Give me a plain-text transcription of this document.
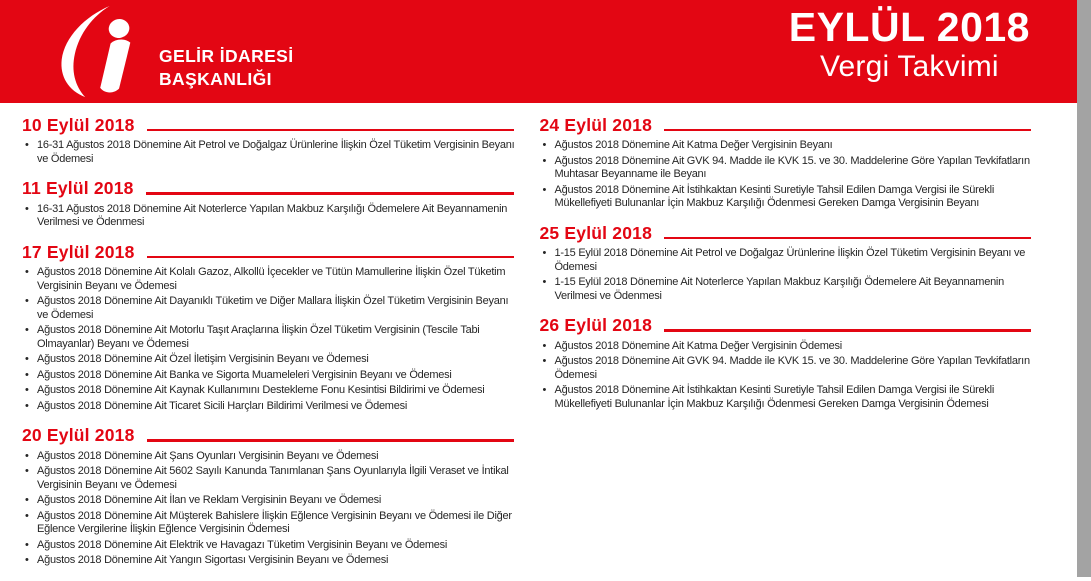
GELİR İDARESİ
BAŞKANLIĞI
EYLÜL 2018
Vergi Takvimi
10 Eylül 2018
• 16-31 Ağustos 2018 Dönemine Ait Petrol ve Doğalgaz Ürünlerine İlişkin Özel Tüketim Vergisinin Beyanı ve Ödemesi
11 Eylül 2018
• 16-31 Ağustos 2018 Dönemine Ait Noterlerce Yapılan Makbuz Karşılığı Ödemelere Ait Beyannamenin Verilmesi ve Ödenmesi
17 Eylül 2018
• Ağustos 2018 Dönemine Ait Kolalı Gazoz, Alkollü İçecekler ve Tütün Mamullerine İlişkin Özel Tüketim Vergisinin Beyanı ve Ödemesi
• Ağustos 2018 Dönemine Ait Dayanıklı Tüketim ve Diğer Mallara İlişkin Özel Tüketim Vergisinin Beyanı ve Ödemesi
• Ağustos 2018 Dönemine Ait Motorlu Taşıt Araçlarına İlişkin Özel Tüketim Vergisinin (Tescile Tabi Olmayanlar) Beyanı ve Ödemesi
• Ağustos 2018 Dönemine Ait Özel İletişim Vergisinin Beyanı ve Ödemesi
• Ağustos 2018 Dönemine Ait Banka ve Sigorta Muameleleri Vergisinin Beyanı ve Ödemesi
• Ağustos 2018 Dönemine Ait Kaynak Kullanımını Destekleme Fonu Kesintisi Bildirimi ve Ödemesi
• Ağustos 2018 Dönemine Ait Ticaret Sicili Harçları Bildirimi Verilmesi ve Ödemesi
20 Eylül 2018
• Ağustos 2018 Dönemine Ait Şans Oyunları Vergisinin Beyanı ve Ödemesi
• Ağustos 2018 Dönemine Ait 5602 Sayılı Kanunda Tanımlanan Şans Oyunlarıyla İlgili Veraset ve İntikal Vergisinin Beyanı ve Ödemesi
• Ağustos 2018 Dönemine Ait İlan ve Reklam Vergisinin Beyanı ve Ödemesi
• Ağustos 2018 Dönemine Ait Müşterek Bahislere İlişkin Eğlence Vergisinin Beyanı ve Ödemesi ile Diğer Eğlence Vergilerine İlişkin Eğlence Vergisinin Ödemesi
• Ağustos 2018 Dönemine Ait Elektrik ve Havagazı Tüketim Vergisinin Beyanı ve Ödemesi
• Ağustos 2018 Dönemine Ait Yangın Sigortası Vergisinin Beyanı ve Ödemesi
24 Eylül 2018
• Ağustos 2018 Dönemine Ait Katma Değer Vergisinin Beyanı
• Ağustos 2018 Dönemine Ait GVK 94. Madde ile KVK 15. ve 30. Maddelerine Göre Yapılan Tevkifatların Muhtasar Beyanname ile Beyanı
• Ağustos 2018 Dönemine Ait İstihkaktan Kesinti Suretiyle Tahsil Edilen Damga Vergisi ile Sürekli Mükellefiyeti Bulunanlar İçin Makbuz Karşılığı Ödenmesi Gereken Damga Vergisinin Beyanı
25 Eylül 2018
• 1-15 Eylül 2018 Dönemine Ait Petrol ve Doğalgaz Ürünlerine İlişkin Özel Tüketim Vergisinin Beyanı ve Ödemesi
• 1-15 Eylül 2018 Dönemine Ait Noterlerce Yapılan Makbuz Karşılığı Ödemelere Ait Beyannamenin Verilmesi ve Ödenmesi
26 Eylül 2018
• Ağustos 2018 Dönemine Ait Katma Değer Vergisinin Ödemesi
• Ağustos 2018 Dönemine Ait GVK 94. Madde ile KVK 15. ve 30. Maddelerine Göre Yapılan Tevkifatların Ödemesi
• Ağustos 2018 Dönemine Ait İstihkaktan Kesinti Suretiyle Tahsil Edilen Damga Vergisi ile Sürekli Mükellefiyeti Bulunanlar İçin Makbuz Karşılığı Ödenmesi Gereken Damga Vergisinin Ödemesi
